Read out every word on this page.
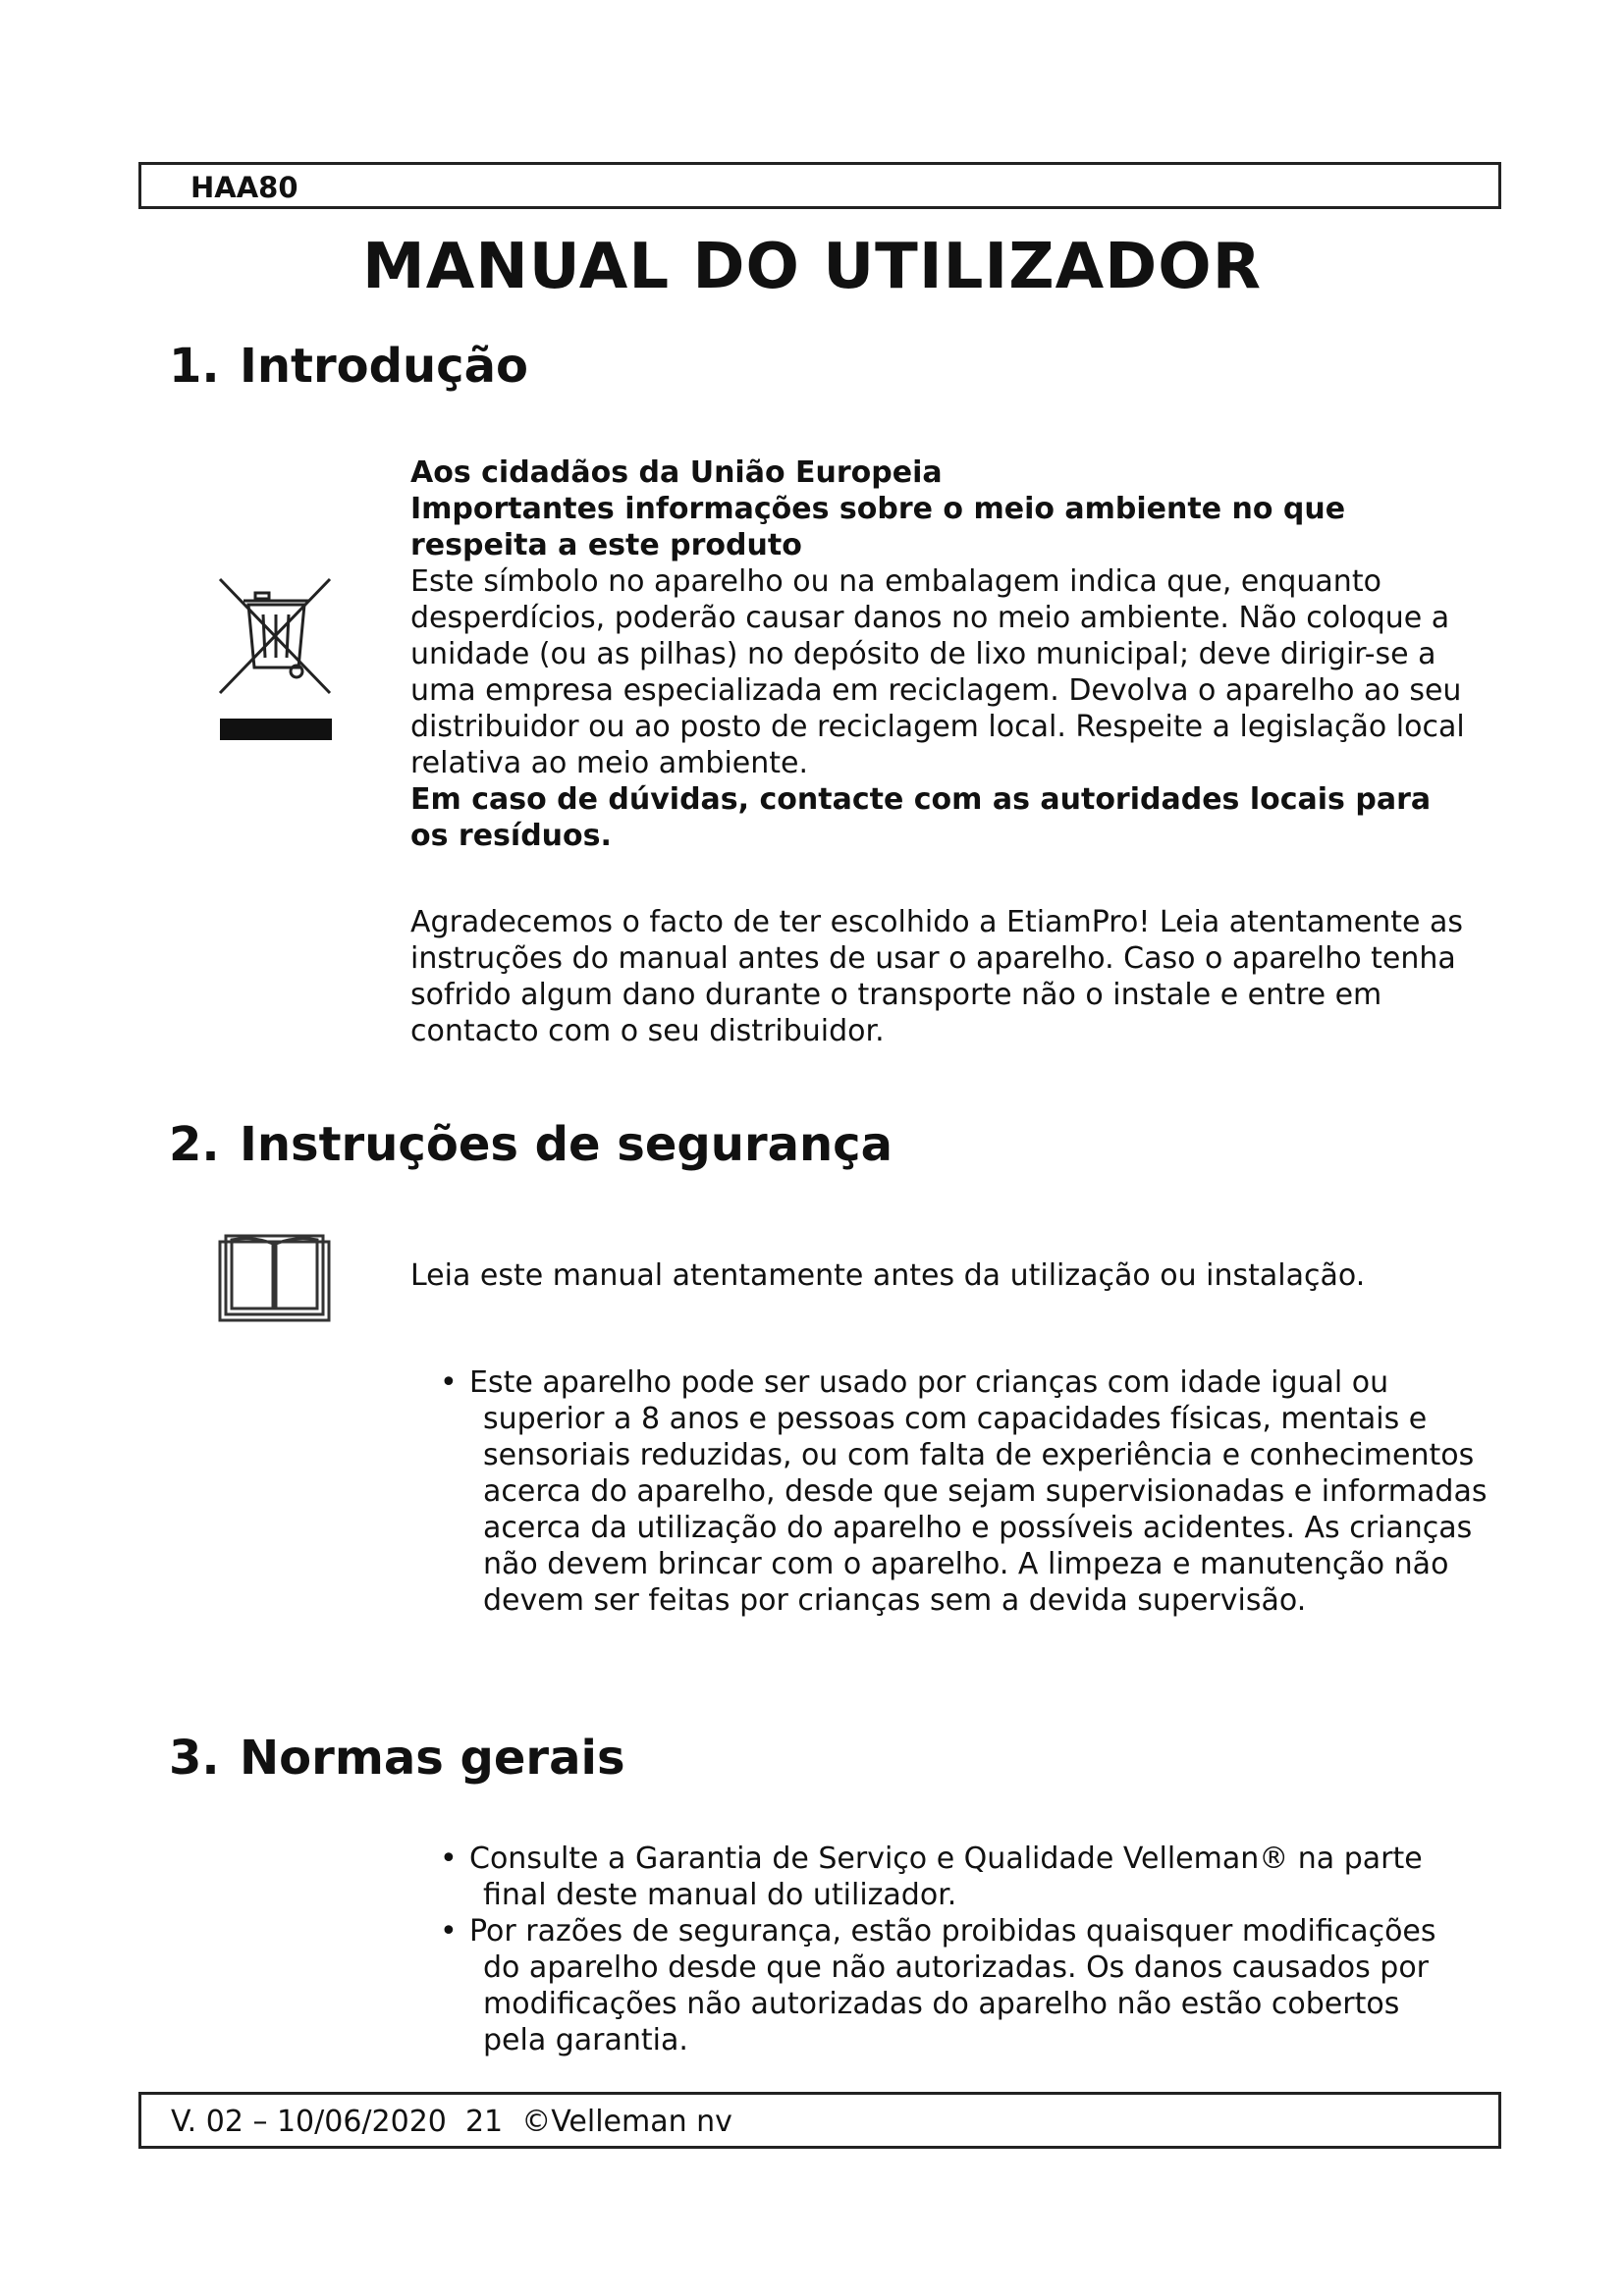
HAA80
MANUAL DO UTILIZADOR
1. Introdução

Aos cidadãos da União Europeia

Importantes informações sobre o meio ambiente no que respeita a este produto

Este símbolo no aparelho ou na embalagem indica que, enquanto desperdícios, poderão causar danos no meio ambiente. Não coloque a unidade (ou as pilhas) no depósito de lixo municipal; deve dirigir-se a uma empresa especializada em reciclagem. Devolva o aparelho ao seu distribuidor ou ao posto de reciclagem local. Respeite a legislação local relativa ao meio ambiente.

Em caso de dúvidas, contacte com as autoridades locais para os resíduos.

Agradecemos o facto de ter escolhido a EtiamPro! Leia atentamente as instruções do manual antes de usar o aparelho. Caso o aparelho tenha sofrido algum dano durante o transporte não o instale e entre em contacto com o seu distribuidor.

2. Instruções de segurança

Leia este manual atentamente antes da utilização ou instalação.

• Este aparelho pode ser usado por crianças com idade igual ou superior a 8 anos e pessoas com capacidades físicas, mentais e sensoriais reduzidas, ou com falta de experiência e conhecimentos acerca do aparelho, desde que sejam supervisionadas e informadas acerca da utilização do aparelho e possíveis acidentes. As crianças não devem brincar com o aparelho. A limpeza e manutenção não devem ser feitas por crianças sem a devida supervisão.
3. Normas gerais
• Consulte a Garantia de Serviço e Qualidade Velleman® na parte final deste manual do utilizador.
• Por razões de segurança, estão proibidas quaisquer modificações do aparelho desde que não autorizadas. Os danos causados por modificações não autorizadas do aparelho não estão cobertos pela garantia.
V. 02 – 10/06/2020  21  ©Velleman nv
